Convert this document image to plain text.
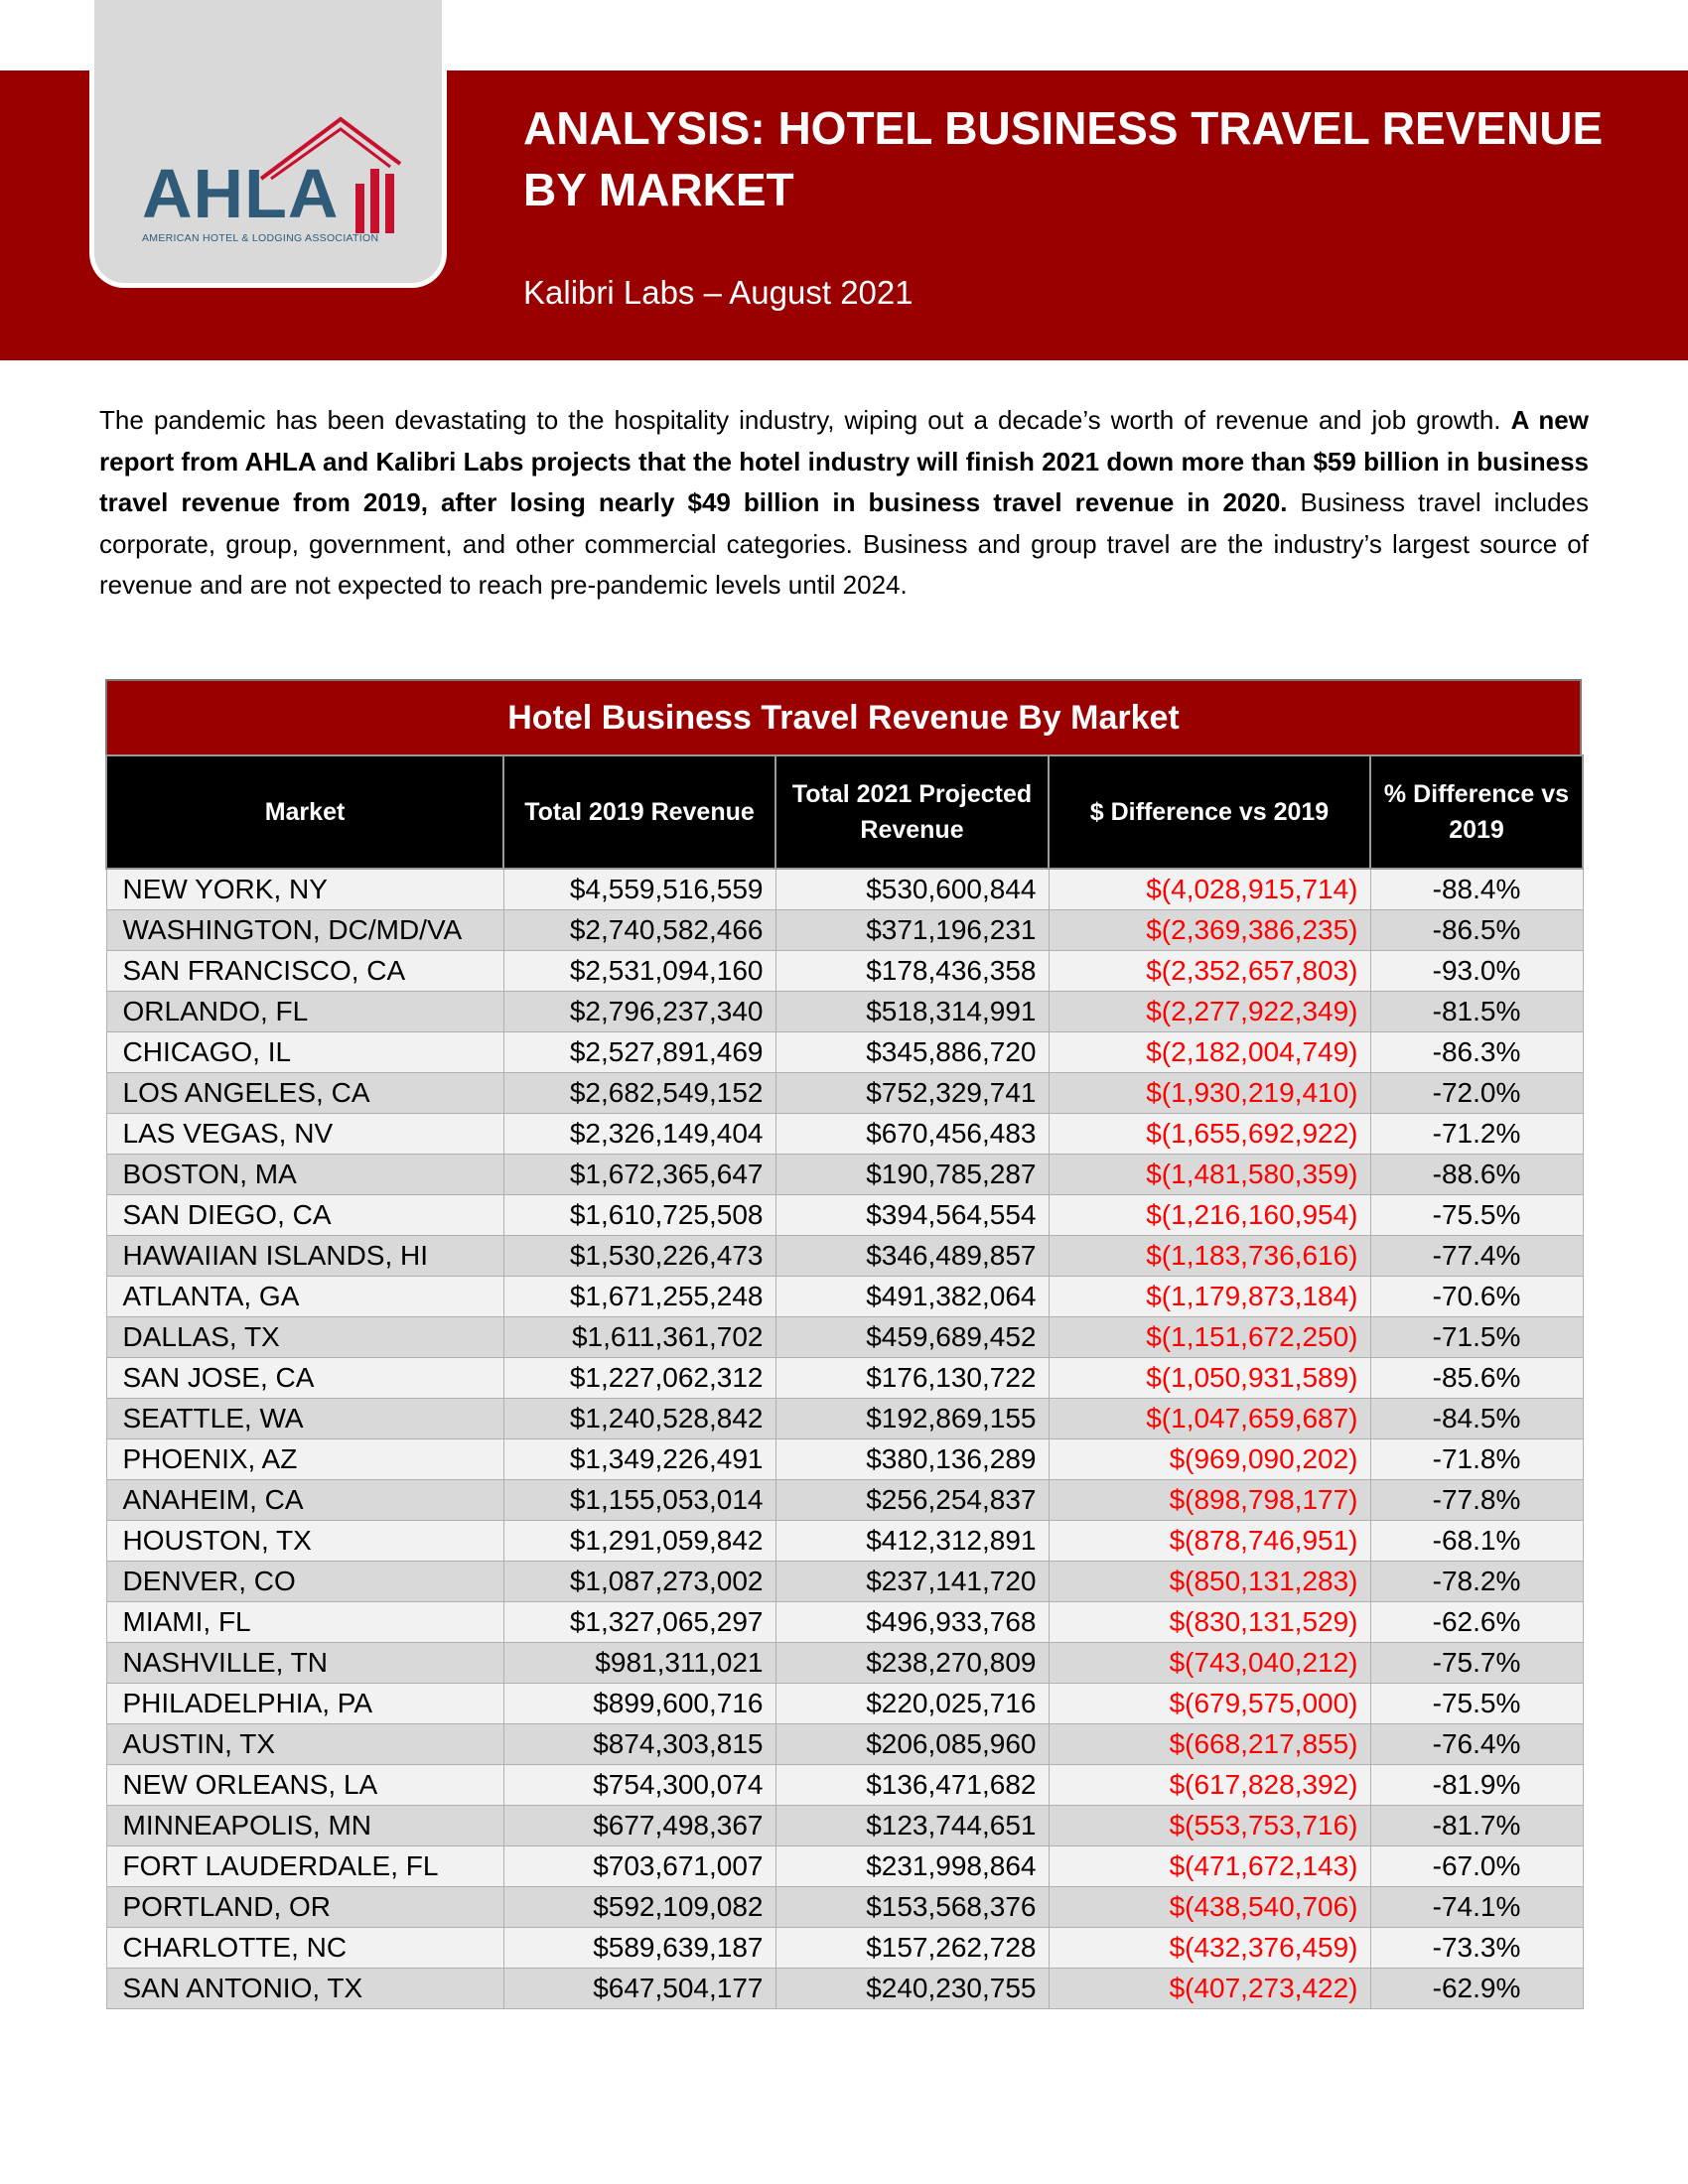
AHLA
AMERICAN HOTEL & LODGING ASSOCIATION
ANALYSIS: HOTEL BUSINESS TRAVEL REVENUE BY MARKET

Kalibri Labs – August 2021

The pandemic has been devastating to the hospitality industry, wiping out a decade’s worth of revenue and job growth. A new report from AHLA and Kalibri Labs projects that the hotel industry will finish 2021 down more than $59 billion in business travel revenue from 2019, after losing nearly $49 billion in business travel revenue in 2020. Business travel includes corporate, group, government, and other commercial categories. Business and group travel are the industry’s largest source of revenue and are not expected to reach pre-pandemic levels until 2024.

Hotel Business Travel Revenue By Market
Market	Total 2019 Revenue	Total 2021 Projected Revenue	$ Difference vs 2019	% Difference vs 2019
NEW YORK, NY	$4,559,516,559	$530,600,844	$(4,028,915,714)	-88.4%
WASHINGTON, DC/MD/VA	$2,740,582,466	$371,196,231	$(2,369,386,235)	-86.5%
SAN FRANCISCO, CA	$2,531,094,160	$178,436,358	$(2,352,657,803)	-93.0%
ORLANDO, FL	$2,796,237,340	$518,314,991	$(2,277,922,349)	-81.5%
CHICAGO, IL	$2,527,891,469	$345,886,720	$(2,182,004,749)	-86.3%
LOS ANGELES, CA	$2,682,549,152	$752,329,741	$(1,930,219,410)	-72.0%
LAS VEGAS, NV	$2,326,149,404	$670,456,483	$(1,655,692,922)	-71.2%
BOSTON, MA	$1,672,365,647	$190,785,287	$(1,481,580,359)	-88.6%
SAN DIEGO, CA	$1,610,725,508	$394,564,554	$(1,216,160,954)	-75.5%
HAWAIIAN ISLANDS, HI	$1,530,226,473	$346,489,857	$(1,183,736,616)	-77.4%
ATLANTA, GA	$1,671,255,248	$491,382,064	$(1,179,873,184)	-70.6%
DALLAS, TX	$1,611,361,702	$459,689,452	$(1,151,672,250)	-71.5%
SAN JOSE, CA	$1,227,062,312	$176,130,722	$(1,050,931,589)	-85.6%
SEATTLE, WA	$1,240,528,842	$192,869,155	$(1,047,659,687)	-84.5%
PHOENIX, AZ	$1,349,226,491	$380,136,289	$(969,090,202)	-71.8%
ANAHEIM, CA	$1,155,053,014	$256,254,837	$(898,798,177)	-77.8%
HOUSTON, TX	$1,291,059,842	$412,312,891	$(878,746,951)	-68.1%
DENVER, CO	$1,087,273,002	$237,141,720	$(850,131,283)	-78.2%
MIAMI, FL	$1,327,065,297	$496,933,768	$(830,131,529)	-62.6%
NASHVILLE, TN	$981,311,021	$238,270,809	$(743,040,212)	-75.7%
PHILADELPHIA, PA	$899,600,716	$220,025,716	$(679,575,000)	-75.5%
AUSTIN, TX	$874,303,815	$206,085,960	$(668,217,855)	-76.4%
NEW ORLEANS, LA	$754,300,074	$136,471,682	$(617,828,392)	-81.9%
MINNEAPOLIS, MN	$677,498,367	$123,744,651	$(553,753,716)	-81.7%
FORT LAUDERDALE, FL	$703,671,007	$231,998,864	$(471,672,143)	-67.0%
PORTLAND, OR	$592,109,082	$153,568,376	$(438,540,706)	-74.1%
CHARLOTTE, NC	$589,639,187	$157,262,728	$(432,376,459)	-73.3%
SAN ANTONIO, TX	$647,504,177	$240,230,755	$(407,273,422)	-62.9%
